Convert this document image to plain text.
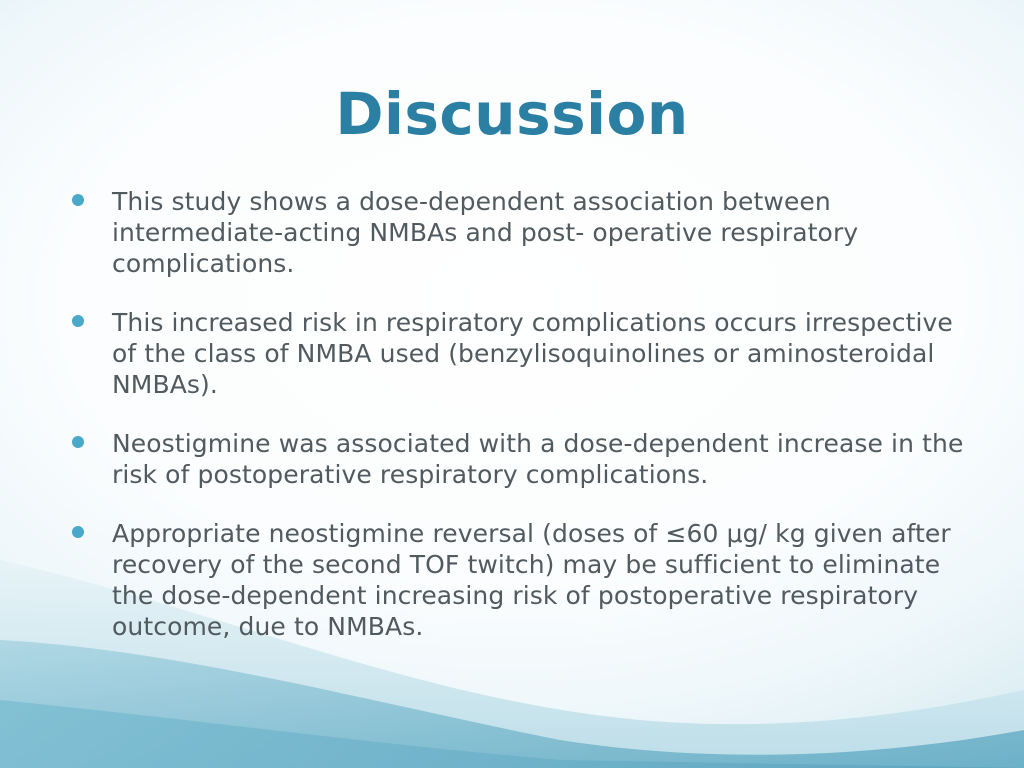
Discussion
This study shows a dose-dependent association between intermediate-acting NMBAs and post- operative respiratory complications.
This increased risk in respiratory complications occurs irrespective of the class of NMBA used (benzylisoquinolines or aminosteroidal NMBAs).
Neostigmine was associated with a dose-dependent increase in the risk of postoperative respiratory complications.
Appropriate neostigmine reversal (doses of ≤60 μg/ kg given after recovery of the second TOF twitch) may be sufficient to eliminate the dose-dependent increasing risk of postoperative respiratory outcome, due to NMBAs.
